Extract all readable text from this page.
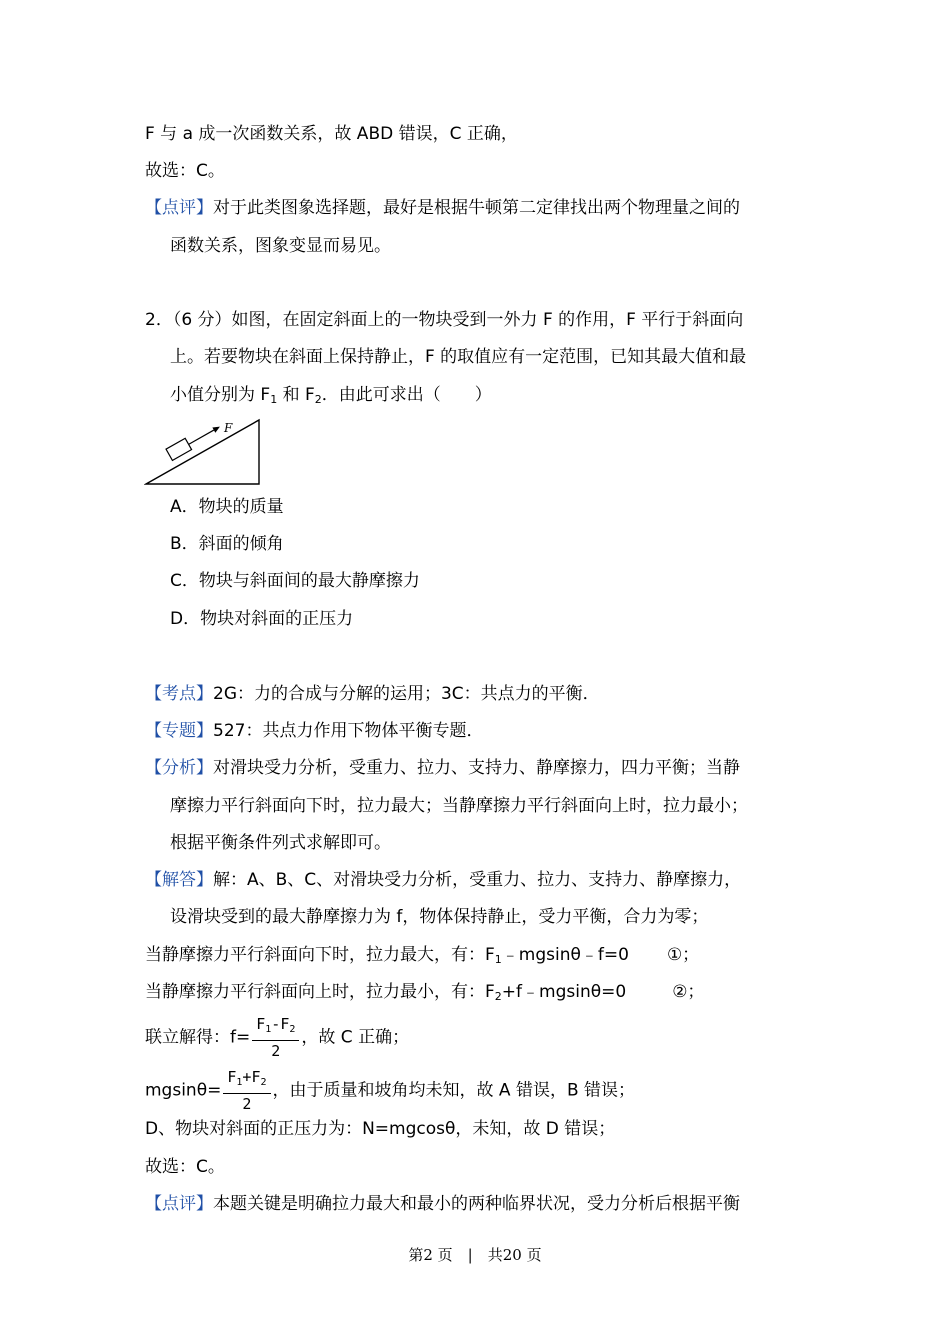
F 与 a 成一次函数关系，故 ABD 错误，C 正确，
故选：C。
【点评】对于此类图象选择题，最好是根据牛顿第二定律找出两个物理量之间的
函数关系，图象变显而易见。
2．（6 分）如图，在固定斜面上的一物块受到一外力 F 的作用，F 平行于斜面向
上。若要物块在斜面上保持静止，F 的取值应有一定范围，已知其最大值和最
小值分别为 $F_1$ 和 $F_2$．由此可求出（　　）
F
A．物块的质量
B．斜面的倾角
C．物块与斜面间的最大静摩擦力
D．物块对斜面的正压力
【考点】2G：力的合成与分解的运用；3C：共点力的平衡．
【专题】527：共点力作用下物体平衡专题．
【分析】对滑块受力分析，受重力、拉力、支持力、静摩擦力，四力平衡；当静
摩擦力平行斜面向下时，拉力最大；当静摩擦力平行斜面向上时，拉力最小；
根据平衡条件列式求解即可。
【解答】解：A、B、C、对滑块受力分析，受重力、拉力、支持力、静摩擦力，
设滑块受到的最大静摩擦力为 f，物体保持静止，受力平衡，合力为零；
当静摩擦力平行斜面向下时，拉力最大，有：$F_1﹣mgsin\theta﹣f=0$ ①；
当静摩擦力平行斜面向上时，拉力最小，有：$F_2+f﹣mgsin\theta=0$	②；
联立解得：$f= \frac{F_1-F_2}{2}$ ，故 C 正确；
$mgsin\theta= \frac{F_1+F_2}{2}$ ，由于质量和坡角均未知，故 A 错误，B 错误；
D、物块对斜面的正压力为：N=mgcosθ，未知，故 D 错误；
故选：C。
【点评】本题关键是明确拉力最大和最小的两种临界状况，受力分析后根据平衡
第2 页　|　共20 页
